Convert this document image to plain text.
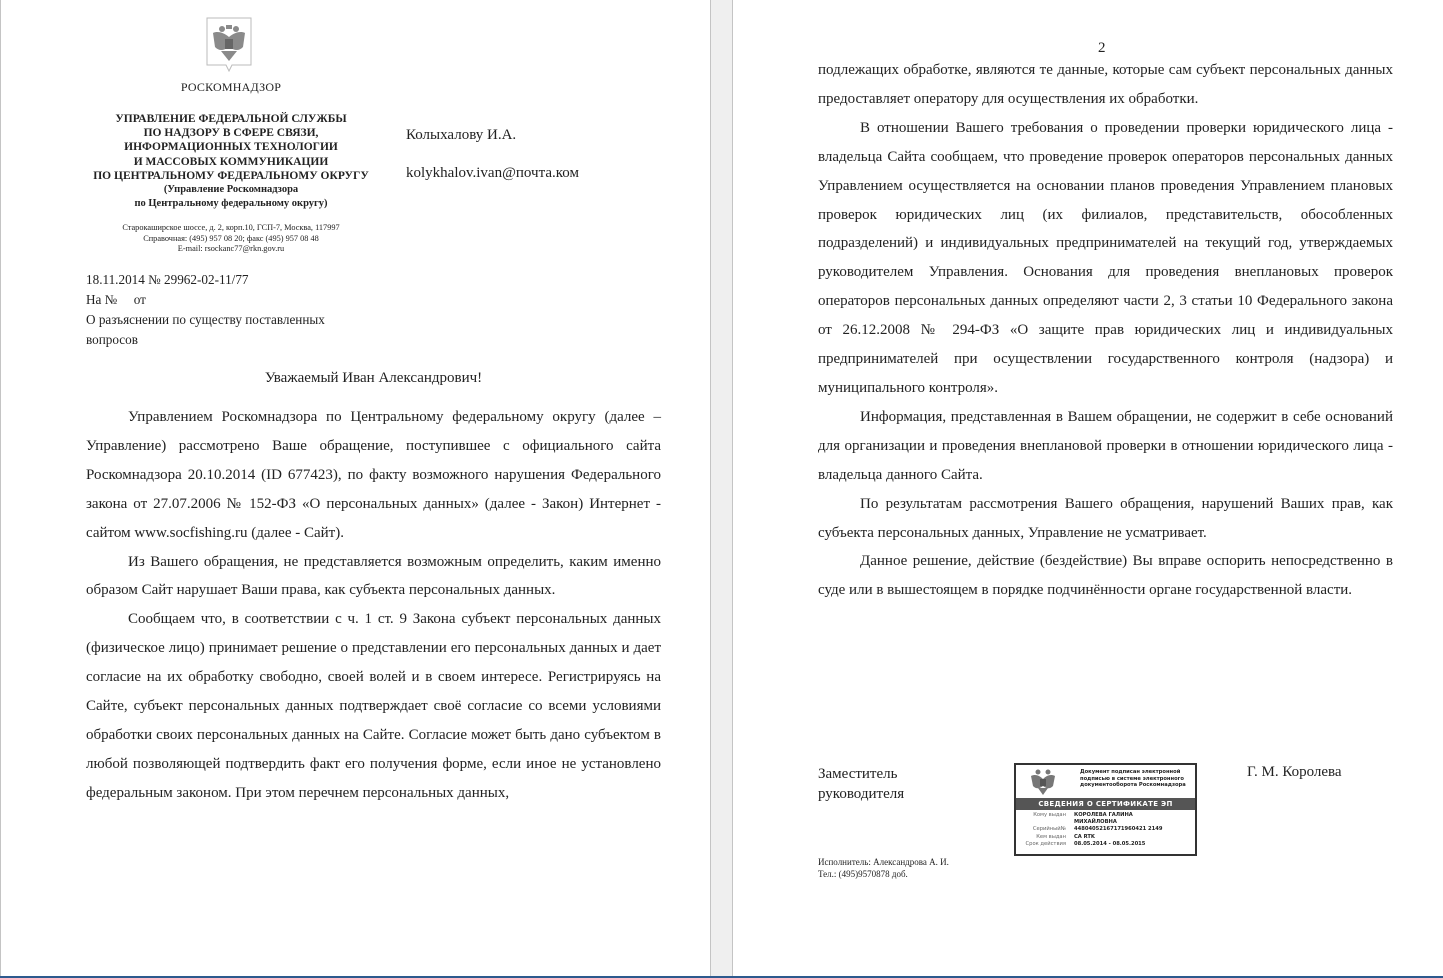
РОСКОМНАДЗОР
УПРАВЛЕНИЕ ФЕДЕРАЛЬНОЙ СЛУЖБЫ
ПО НАДЗОРУ В СФЕРЕ СВЯЗИ,
ИНФОРМАЦИОННЫХ ТЕХНОЛОГИИ
И МАССОВЫХ КОММУНИКАЦИИ
ПО ЦЕНТРАЛЬНОМУ ФЕДЕРАЛЬНОМУ ОКРУГУ
(Управление Роскомнадзора
по Центральному федеральному округу)
Старокаширское шоссе, д. 2, корп.10, ГСП-7, Москва, 117997
Справочная: (495) 957 08 20; факс (495) 957 08 48
E-mail: rsockanc77@rkn.gov.ru
Колыхалову И.А.
kolykhalov.ivan@почта.ком
18.11.2014 № 29962-02-11/77
На №     от
О разъяснении по существу поставленных
вопросов
Уважаемый Иван Александрович!

Управлением Роскомнадзора по Центральному федеральному округу (далее – Управление) рассмотрено Ваше обращение, поступившее с официального сайта Роскомнадзора 20.10.2014 (ID 677423), по факту возможного нарушения Федерального закона от 27.07.2006 № 152-ФЗ «О персональных данных» (далее - Закон) Интернет - сайтом www.socfishing.ru (далее - Сайт).

Из Вашего обращения, не представляется возможным определить, каким именно образом Сайт нарушает Ваши права, как субъекта персональных данных.

Сообщаем что, в соответствии с ч. 1 ст. 9 Закона субъект персональных данных (физическое лицо) принимает решение о представлении его персональных данных и дает согласие на их обработку свободно, своей волей и в своем интересе. Регистрируясь на Сайте, субъект персональных данных подтверждает своё согласие со всеми условиями обработки своих персональных данных на Сайте. Согласие может быть дано субъектом в любой позволяющей подтвердить факт его получения форме, если иное не установлено федеральным законом. При этом перечнем персональных данных,

2

подлежащих обработке, являются те данные, которые сам субъект персональных данных предоставляет оператору для осуществления их обработки.

В отношении Вашего требования о проведении проверки юридического лица - владельца Сайта сообщаем, что проведение проверок операторов персональных данных Управлением осуществляется на основании планов проведения Управлением плановых проверок юридических лиц (их филиалов, представительств, обособленных подразделений) и индивидуальных предпринимателей на текущий год, утверждаемых руководителем Управления. Основания для проведения внеплановых проверок операторов персональных данных определяют части 2, 3 статьи 10 Федерального закона от 26.12.2008 № 294-ФЗ «О защите прав юридических лиц и индивидуальных предпринимателей при осуществлении государственного контроля (надзора) и муниципального контроля».

Информация, представленная в Вашем обращении, не содержит в себе оснований для организации и проведения внеплановой проверки в отношении юридического лица - владельца данного Сайта.

По результатам рассмотрения Вашего обращения, нарушений Ваших прав, как субъекта персональных данных, Управление не усматривает.

Данное решение, действие (бездействие) Вы вправе оспорить непосредственно в суде или в вышестоящем в порядке подчинённости органе государственной власти.

Заместитель
руководителя
Документ подписан электронной подписью в системе электронного документооборота Роскомнадзора
СВЕДЕНИЯ О СЕРТИФИКАТЕ ЭП
Кому выдан	КОРОЛЕВА ГАЛИНА
МИХАЙЛОВНА
Серийный№	44804052167171960421 2149
Кем выдан	CA RTK
Срок действия	08.05.2014 - 08.05.2015
Г. М. Королева
Исполнитель: Александрова А. И.
Тел.: (495)9570878 доб.
